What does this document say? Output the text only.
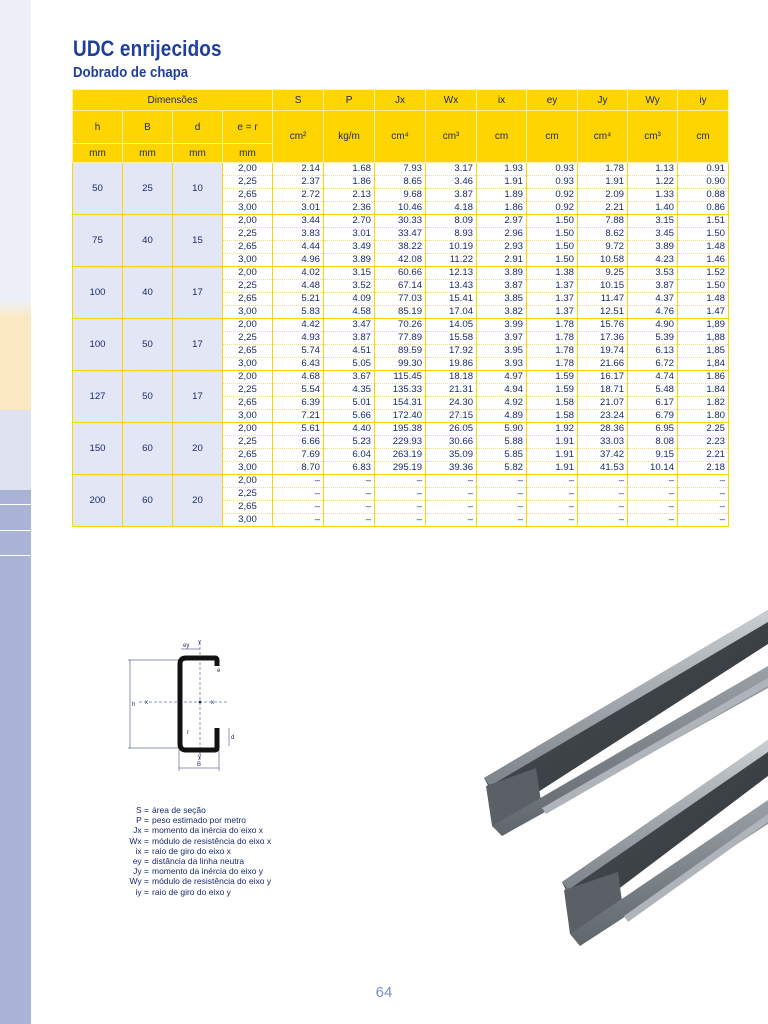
UDC enrijecidos
Dobrado de chapa
Dimensões				S	P	Jx	Wx	ix	ey	Jy	Wy	iy
h	B	d	e = r	cm²	kg/m	cm⁴	cm³	cm	cm	cm⁴	cm³	cm
mm	mm	mm	mm									
50	25	10	2,00	2.14	1.68	7.93	3.17	1.93	0.93	1.78	1.13	0.91
			2,25	2.37	1.86	8.65	3.46	1.91	0.93	1.91	1.22	0.90
			2,65	2.72	2.13	9.68	3.87	1.89	0.92	2.09	1.33	0.88
			3,00	3.01	2.36	10.46	4.18	1.86	0.92	2.21	1.40	0.86
75	40	15	2,00	3.44	2.70	30.33	8.09	2.97	1.50	7.88	3.15	1.51
			2,25	3.83	3.01	33.47	8.93	2.96	1.50	8.62	3.45	1.50
			2,65	4.44	3.49	38.22	10.19	2.93	1.50	9.72	3.89	1.48
			3,00	4.96	3.89	42.08	11.22	2.91	1.50	10.58	4.23	1.46
100	40	17	2,00	4.02	3.15	60.66	12.13	3.89	1.38	9.25	3.53	1.52
			2,25	4.48	3.52	67.14	13.43	3.87	1.37	10.15	3.87	1.50
			2,65	5.21	4.09	77.03	15.41	3.85	1.37	11.47	4.37	1.48
			3,00	5.83	4.58	85.19	17.04	3.82	1.37	12.51	4.76	1.47
100	50	17	2,00	4.42	3.47	70.26	14.05	3.99	1.78	15.76	4.90	1,89
			2,25	4.93	3.87	77.89	15.58	3.97	1.78	17.36	5.39	1,88
			2,65	5.74	4.51	89.59	17.92	3.95	1.78	19.74	6.13	1,85
			3,00	6.43	5.05	99.30	19.86	3.93	1.78	21.66	6.72	1,84
127	50	17	2,00	4.68	3.67	115.45	18.18	4.97	1.59	16.17	4.74	1.86
			2,25	5.54	4.35	135.33	21.31	4.94	1.59	18.71	5.48	1.84
			2,65	6.39	5.01	154.31	24.30	4.92	1.58	21.07	6.17	1.82
			3,00	7.21	5.66	172.40	27.15	4.89	1.58	23.24	6.79	1.80
150	60	20	2,00	5.61	4.40	195.38	26.05	5.90	1.92	28.36	6.95	2.25
			2,25	6.66	5.23	229.93	30.66	5.88	1.91	33.03	8.08	2.23
			2,65	7.69	6.04	263.19	35.09	5.85	1.91	37.42	9.15	2.21
			3,00	8.70	6.83	295.19	39.36	5.82	1.91	41.53	10.14	2.18
200	60	20	2,00	–	–	–	–	–	–	–	–	–
			2,25	–	–	–	–	–	–	–	–	–
			2,65	–	–	–	–	–	–	–	–	–
			3,00	–	–	–	–	–	–	–	–	–
ey
y
y
x	x
h
B
d
e
r
S = área de seção
P = peso estimado por metro
Jx = momento da inércia do eixo x
Wx = módulo de resistência do eixo x
ix = raio de giro do eixo x
ey = distância da linha neutra
Jy = momento da inércia do eixo y
Wy = módulo de resistência do eixo y
iy = raio de giro do eixo y
64
